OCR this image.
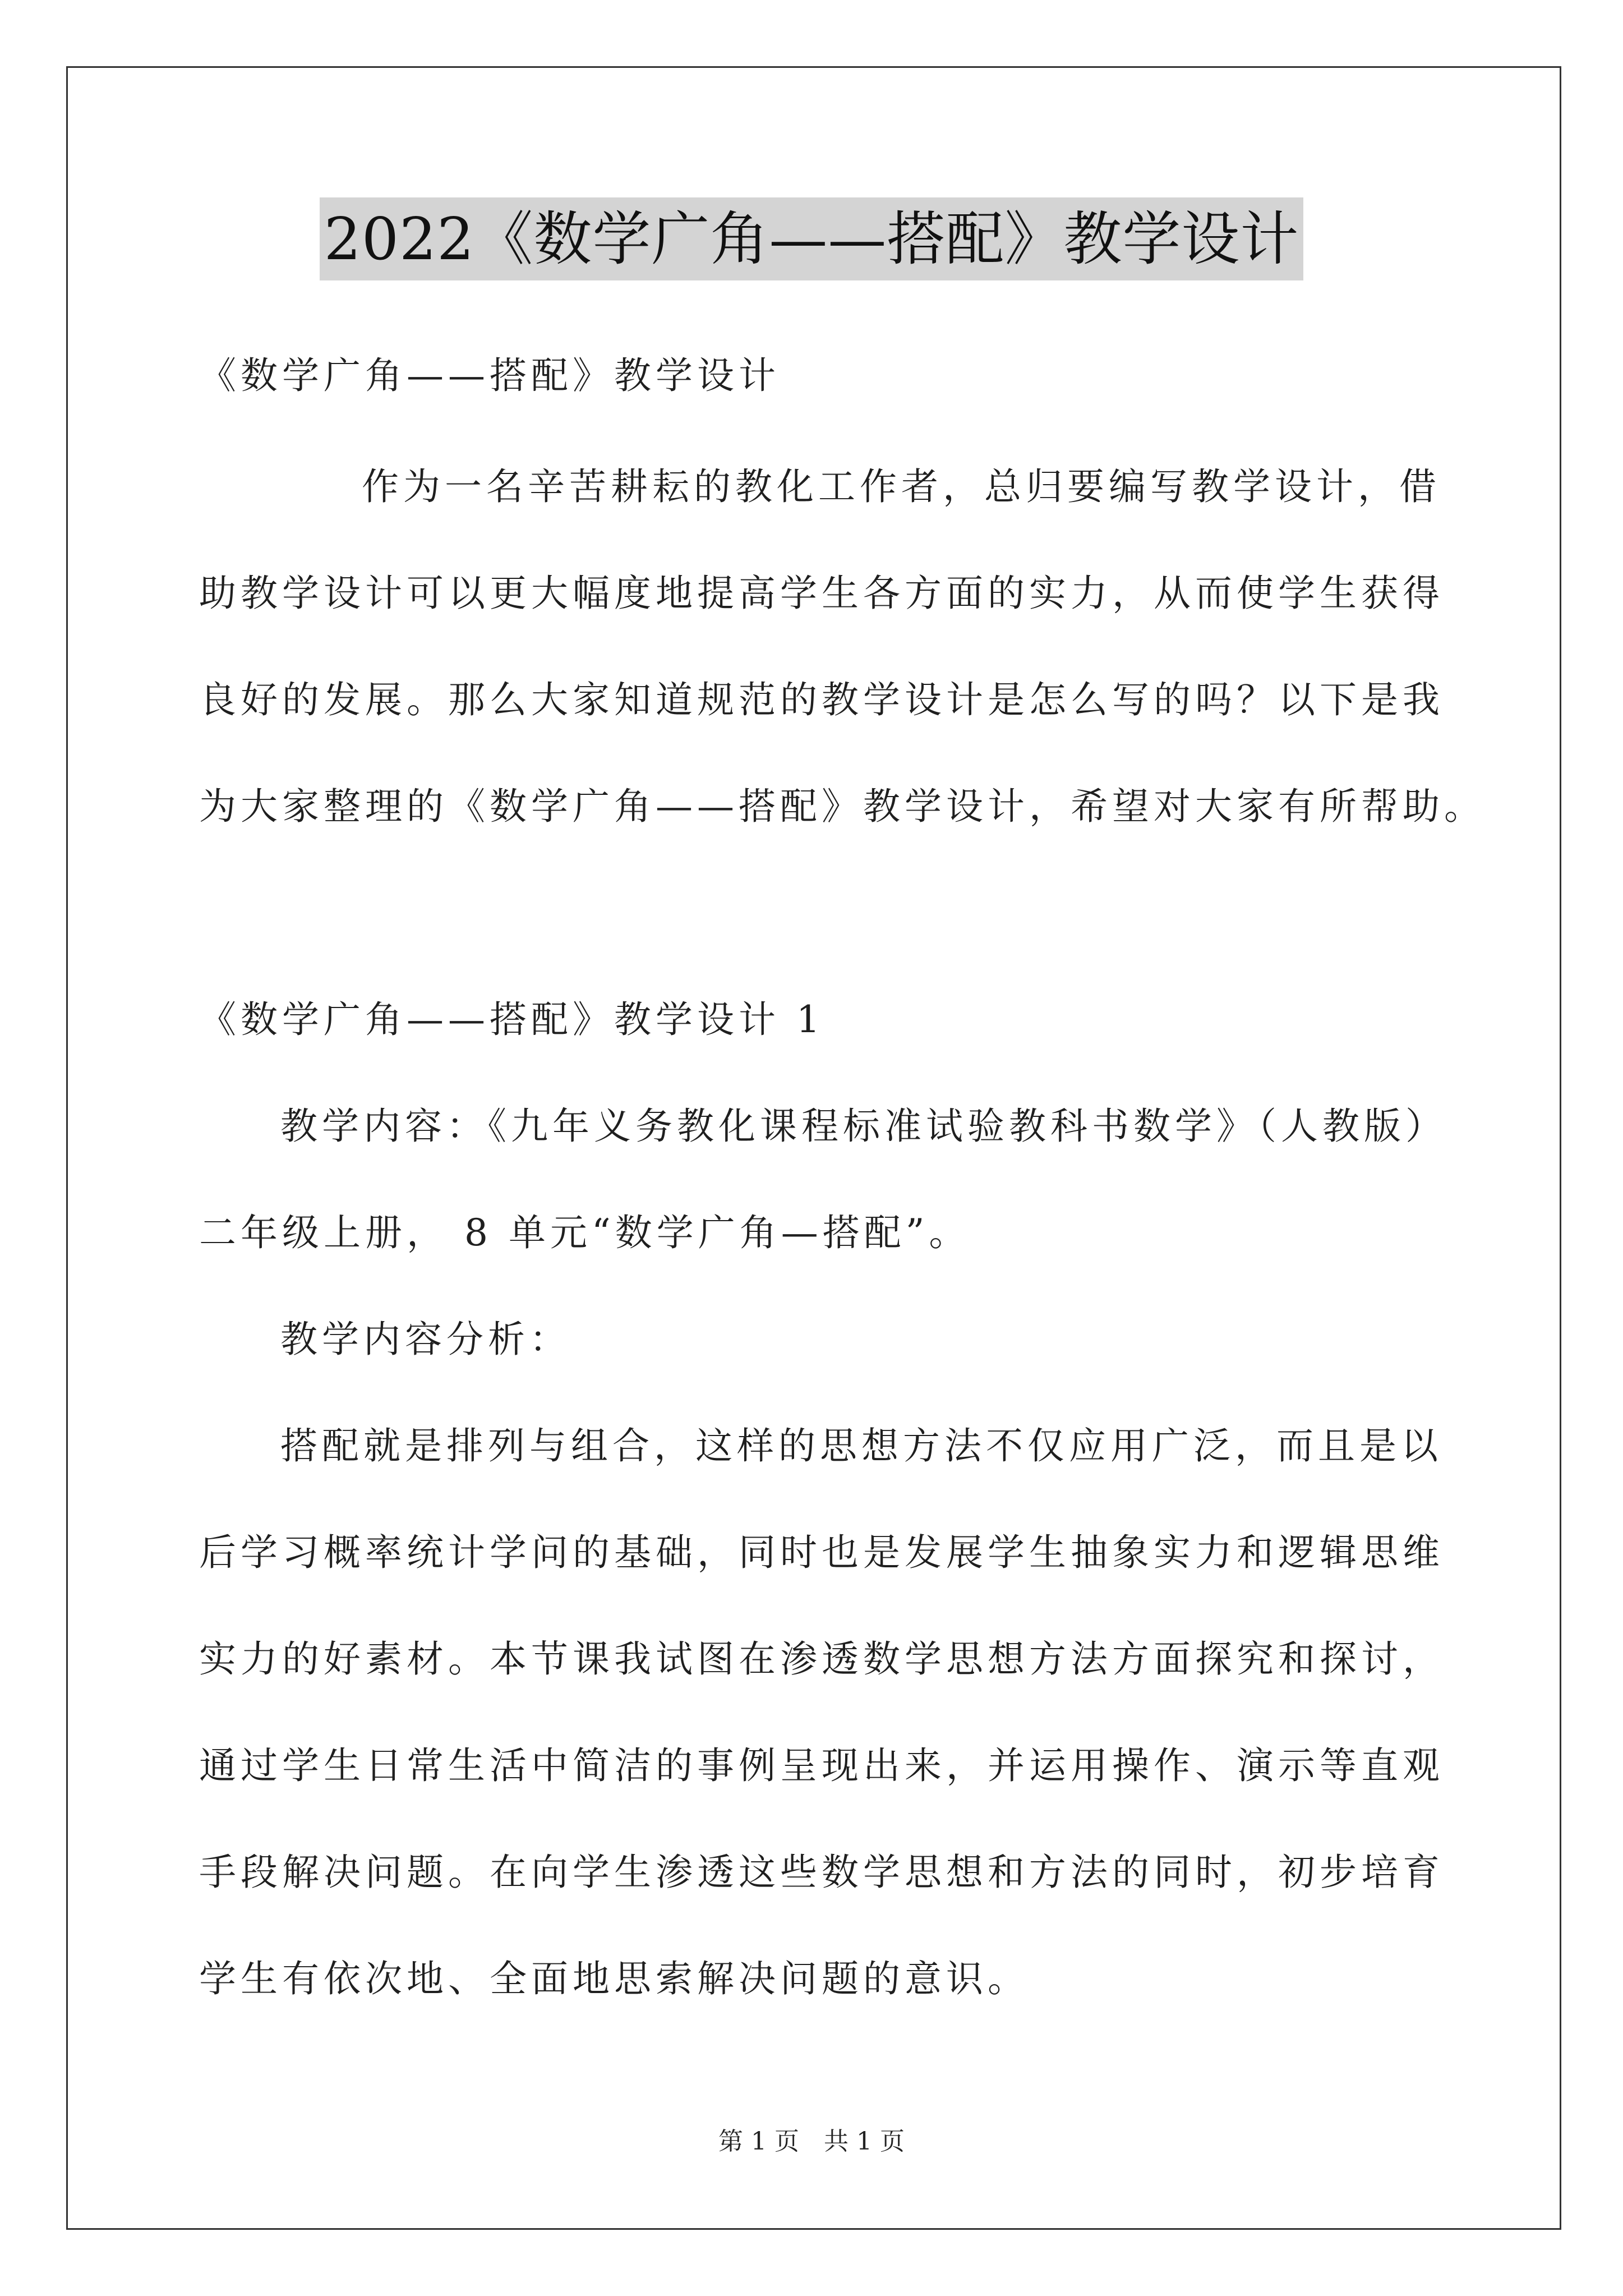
2022《数学广角——搭配》教学设计
《数学广角——搭配》教学设计
作为一名辛苦耕耘的教化工作者，总归要编写教学设计，借
助教学设计可以更大幅度地提高学生各方面的实力，从而使学生获得
良好的发展。那么大家知道规范的教学设计是怎么写的吗？以下是我
为大家整理的《数学广角——搭配》教学设计，希望对大家有所帮助。
《数学广角——搭配》教学设计 1
教学内容：《九年义务教化课程标准试验教科书数学》（人教版）
二年级上册， 8 单元“数学广角—搭配”。
教学内容分析：
搭配就是排列与组合，这样的思想方法不仅应用广泛，而且是以
后学习概率统计学问的基础，同时也是发展学生抽象实力和逻辑思维
实力的好素材。本节课我试图在渗透数学思想方法方面探究和探讨，
通过学生日常生活中简洁的事例呈现出来，并运用操作、演示等直观
手段解决问题。在向学生渗透这些数学思想和方法的同时，初步培育
学生有依次地、全面地思索解决问题的意识。
第 1 页　共 1 页
